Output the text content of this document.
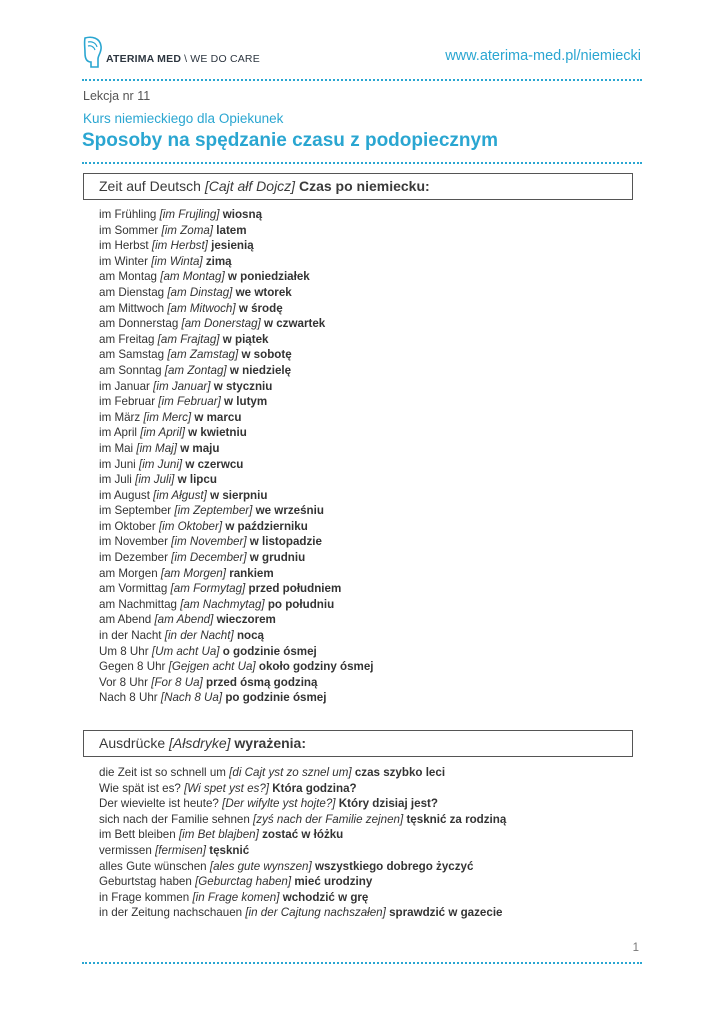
ATERIMA MED \ WE DO CARE	www.aterima-med.pl/niemiecki
Lekcja nr 11
Kurs niemieckiego dla Opiekunek
Sposoby na spędzanie czasu z podopiecznym
Zeit auf Deutsch [Cajt ałf Dojcz] Czas po niemiecku:
im Frühling [im Frujling] wiosną
im Sommer [im Zoma] latem
im Herbst [im Herbst] jesienią
im Winter [im Winta] zimą
am Montag [am Montag] w poniedziałek
am Dienstag [am Dinstag] we wtorek
am Mittwoch [am Mitwoch] w środę
am Donnerstag [am Donerstag] w czwartek
am Freitag [am Frajtag] w piątek
am Samstag [am Zamstag] w sobotę
am Sonntag [am Zontag] w niedzielę
im Januar [im Januar] w styczniu
im Februar [im Februar] w lutym
im März [im Merc] w marcu
im April [im April] w kwietniu
im Mai [im Maj] w maju
im Juni [im Juni] w czerwcu
im Juli [im Juli] w lipcu
im August [im Ałgust] w sierpniu
im September [im Zeptember] we wrześniu
im Oktober [im Oktober] w październiku
im November [im November] w listopadzie
im Dezember [im December] w grudniu
am Morgen [am Morgen] rankiem
am Vormittag [am Formytag] przed południem
am Nachmittag [am Nachmytag] po południu
am Abend [am Abend] wieczorem
in der Nacht [in der Nacht] nocą
Um 8 Uhr [Um acht Ua] o godzinie ósmej
Gegen 8 Uhr [Gejgen acht Ua] około godziny ósmej
Vor 8 Uhr [For 8 Ua] przed ósmą godziną
Nach 8 Uhr [Nach 8 Ua] po godzinie ósmej
Ausdrücke [Ałsdryke] wyrażenia:
die Zeit ist so schnell um [di Cajt yst zo sznel um] czas szybko leci
Wie spät ist es? [Wi spet yst es?] Która godzina?
Der wievielte ist heute? [Der wifylte yst hojte?] Który dzisiaj jest?
sich nach der Familie sehnen [zyś nach der Familie zejnen] tęsknić za rodziną
im Bett bleiben [im Bet blajben] zostać w łóżku
vermissen [fermisen] tęsknić
alles Gute wünschen [ales gute wynszen] wszystkiego dobrego życzyć
Geburtstag haben [Geburctag haben] mieć urodziny
in Frage kommen [in Frage komen] wchodzić w grę
in der Zeitung nachschauen [in der Cajtung nachszałen] sprawdzić w gazecie
1
